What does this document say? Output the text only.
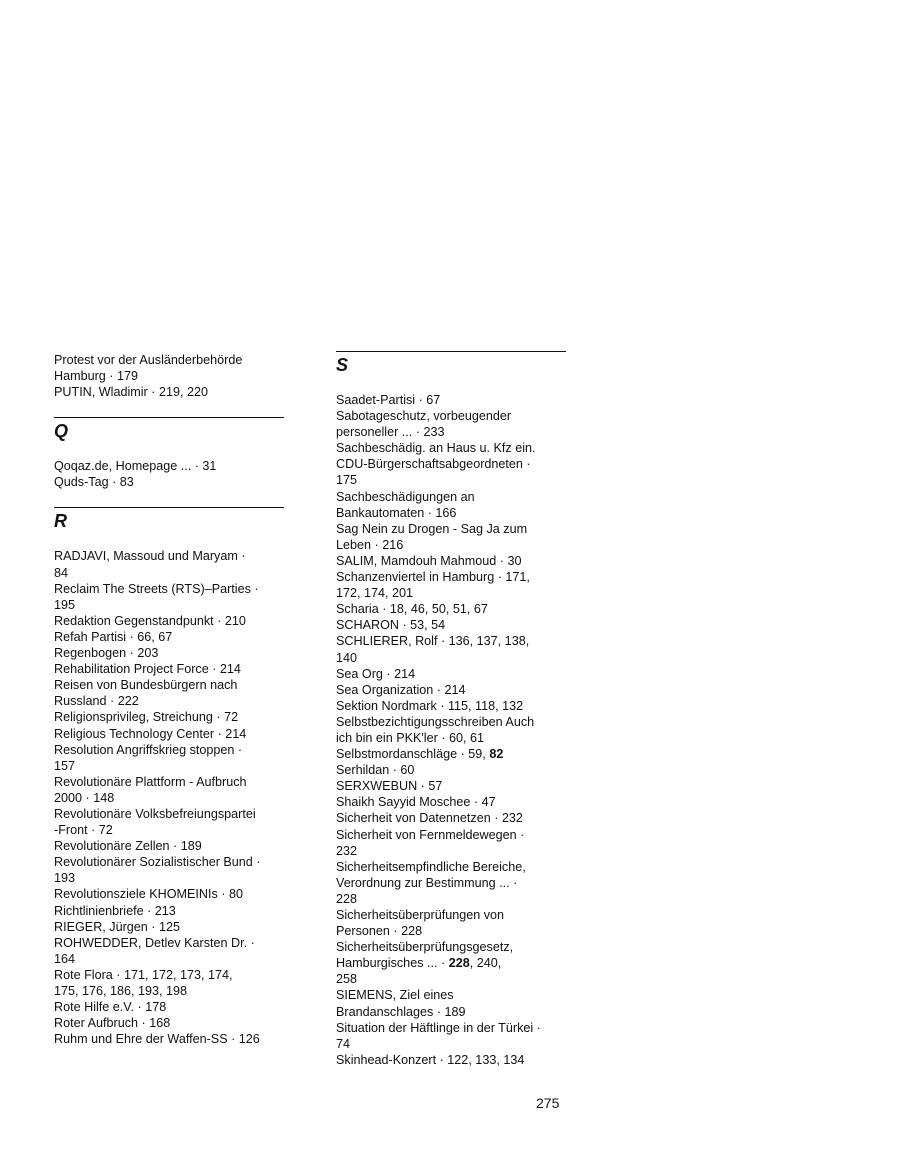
Protest vor der Ausländerbehörde
Hamburg · 179
PUTIN, Wladimir · 219, 220
Q
Qoqaz.de, Homepage ... · 31
Quds-Tag · 83
R
RADJAVI, Massoud und Maryam ·
84
Reclaim The Streets (RTS)–Parties ·
195
Redaktion Gegenstandpunkt · 210
Refah Partisi · 66, 67
Regenbogen · 203
Rehabilitation Project Force · 214
Reisen von Bundesbürgern nach
Russland · 222
Religionsprivileg, Streichung · 72
Religious Technology Center · 214
Resolution Angriffskrieg stoppen ·
157
Revolutionäre Plattform - Aufbruch
2000 · 148
Revolutionäre Volksbefreiungspartei
-Front · 72
Revolutionäre Zellen · 189
Revolutionärer Sozialistischer Bund ·
193
Revolutionsziele KHOMEINIs · 80
Richtlinienbriefe · 213
RIEGER, Jürgen · 125
ROHWEDDER, Detlev Karsten Dr. ·
164
Rote Flora · 171, 172, 173, 174,
175, 176, 186, 193, 198
Rote Hilfe e.V. · 178
Roter Aufbruch · 168
Ruhm und Ehre der Waffen-SS · 126
S
Saadet-Partisi · 67
Sabotageschutz, vorbeugender
personeller ... · 233
Sachbeschädig. an Haus u. Kfz ein.
CDU-Bürgerschaftsabgeordneten ·
175
Sachbeschädigungen an
Bankautomaten · 166
Sag Nein zu Drogen - Sag Ja zum
Leben · 216
SALIM, Mamdouh Mahmoud · 30
Schanzenviertel in Hamburg · 171,
172, 174, 201
Scharia · 18, 46, 50, 51, 67
SCHARON · 53, 54
SCHLIERER, Rolf · 136, 137, 138,
140
Sea Org · 214
Sea Organization · 214
Sektion Nordmark · 115, 118, 132
Selbstbezichtigungsschreiben Auch
ich bin ein PKK'ler · 60, 61
Selbstmordanschläge · 59, 82
Serhildan · 60
SERXWEBUN · 57
Shaikh Sayyid Moschee · 47
Sicherheit von Datennetzen · 232
Sicherheit von Fernmeldewegen ·
232
Sicherheitsempfindliche Bereiche,
Verordnung zur Bestimmung ... ·
228
Sicherheitsüberprüfungen von
Personen · 228
Sicherheitsüberprüfungsgesetz,
Hamburgisches ... · 228, 240,
258
SIEMENS, Ziel eines
Brandanschlages · 189
Situation der Häftlinge in der Türkei ·
74
Skinhead-Konzert · 122, 133, 134
275
